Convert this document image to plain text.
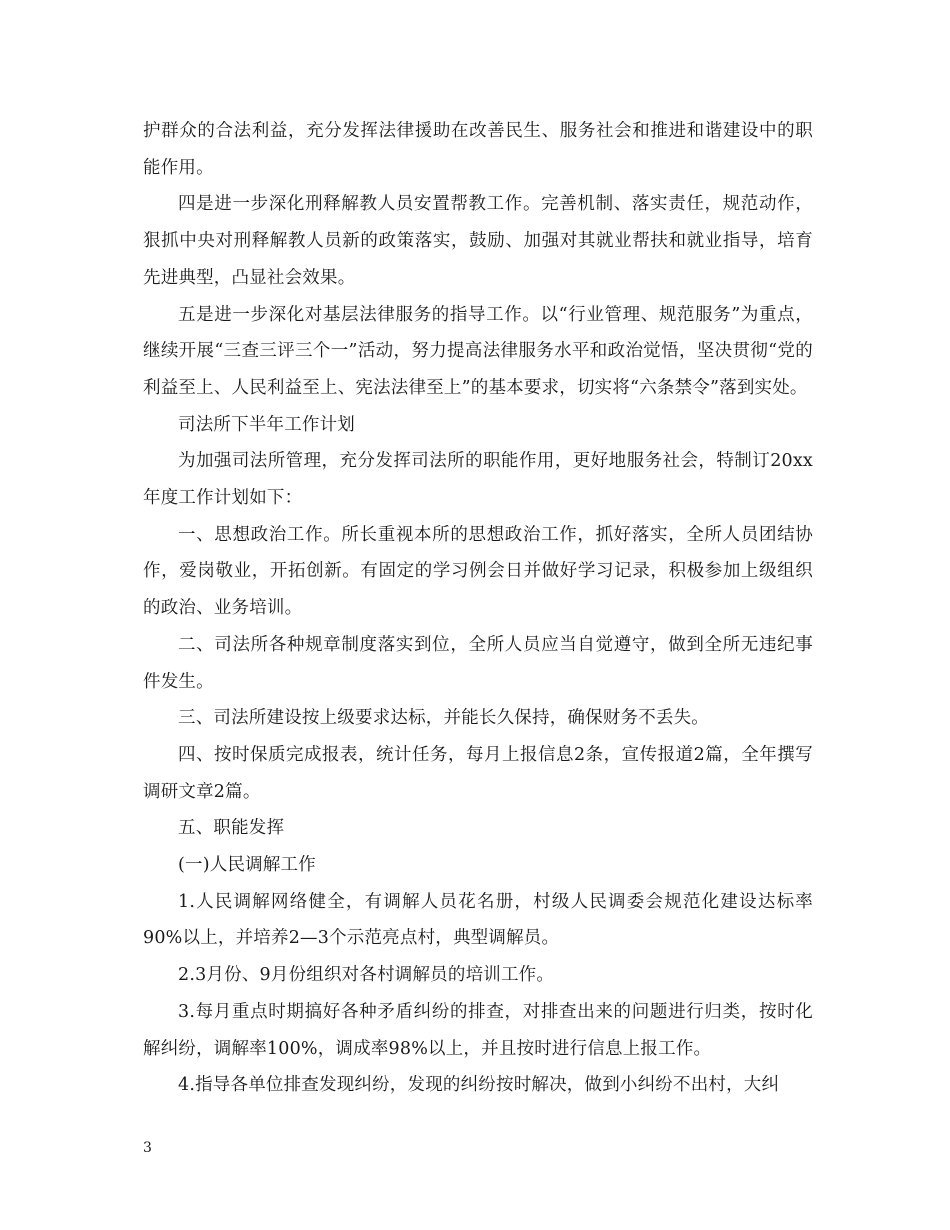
护群众的合法利益，充分发挥法律援助在改善民生、服务社会和推进和谐建设中的职能作用。

四是进一步深化刑释解教人员安置帮教工作。完善机制、落实责任，规范动作，狠抓中央对刑释解教人员新的政策落实，鼓励、加强对其就业帮扶和就业指导，培育先进典型，凸显社会效果。

五是进一步深化对基层法律服务的指导工作。以“行业管理、规范服务”为重点，继续开展“三查三评三个一”活动，努力提高法律服务水平和政治觉悟，坚决贯彻“党的利益至上、人民利益至上、宪法法律至上”的基本要求，切实将“六条禁令”落到实处。

司法所下半年工作计划

为加强司法所管理，充分发挥司法所的职能作用，更好地服务社会，特制订20xx年度工作计划如下：

一、思想政治工作。所长重视本所的思想政治工作，抓好落实，全所人员团结协作，爱岗敬业，开拓创新。有固定的学习例会日并做好学习记录，积极参加上级组织的政治、业务培训。

二、司法所各种规章制度落实到位，全所人员应当自觉遵守，做到全所无违纪事件发生。

三、司法所建设按上级要求达标，并能长久保持，确保财务不丢失。

四、按时保质完成报表，统计任务，每月上报信息2条，宣传报道2篇，全年撰写调研文章2篇。

五、职能发挥

(一)人民调解工作

1.人民调解网络健全，有调解人员花名册，村级人民调委会规范化建设达标率90%以上，并培养2—3个示范亮点村，典型调解员。

2.3月份、9月份组织对各村调解员的培训工作。

3.每月重点时期搞好各种矛盾纠纷的排查，对排查出来的问题进行归类，按时化解纠纷，调解率100%，调成率98%以上，并且按时进行信息上报工作。

4.指导各单位排查发现纠纷，发现的纠纷按时解决，做到小纠纷不出村，大纠

3
